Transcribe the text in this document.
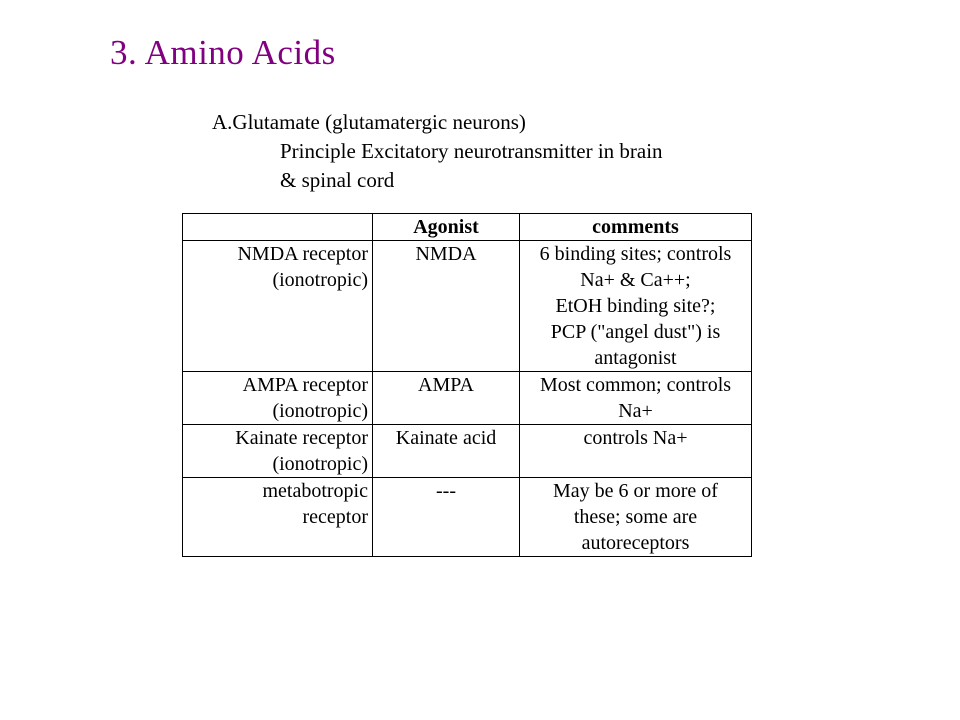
3. Amino Acids
A.Glutamate (glutamatergic neurons)
Principle Excitatory neurotransmitter in brain
& spinal cord
	Agonist	comments

NMDA receptor
(ionotropic)	NMDA	6 binding sites; controls
Na+ & Ca++;
EtOH binding site?;
PCP ("angel dust") is
antagonist

AMPA receptor
(ionotropic)	AMPA	Most common; controls
Na+

Kainate receptor
(ionotropic)	Kainate acid	controls Na+

metabotropic
receptor	---	May be 6 or more of
these; some are
autoreceptors
